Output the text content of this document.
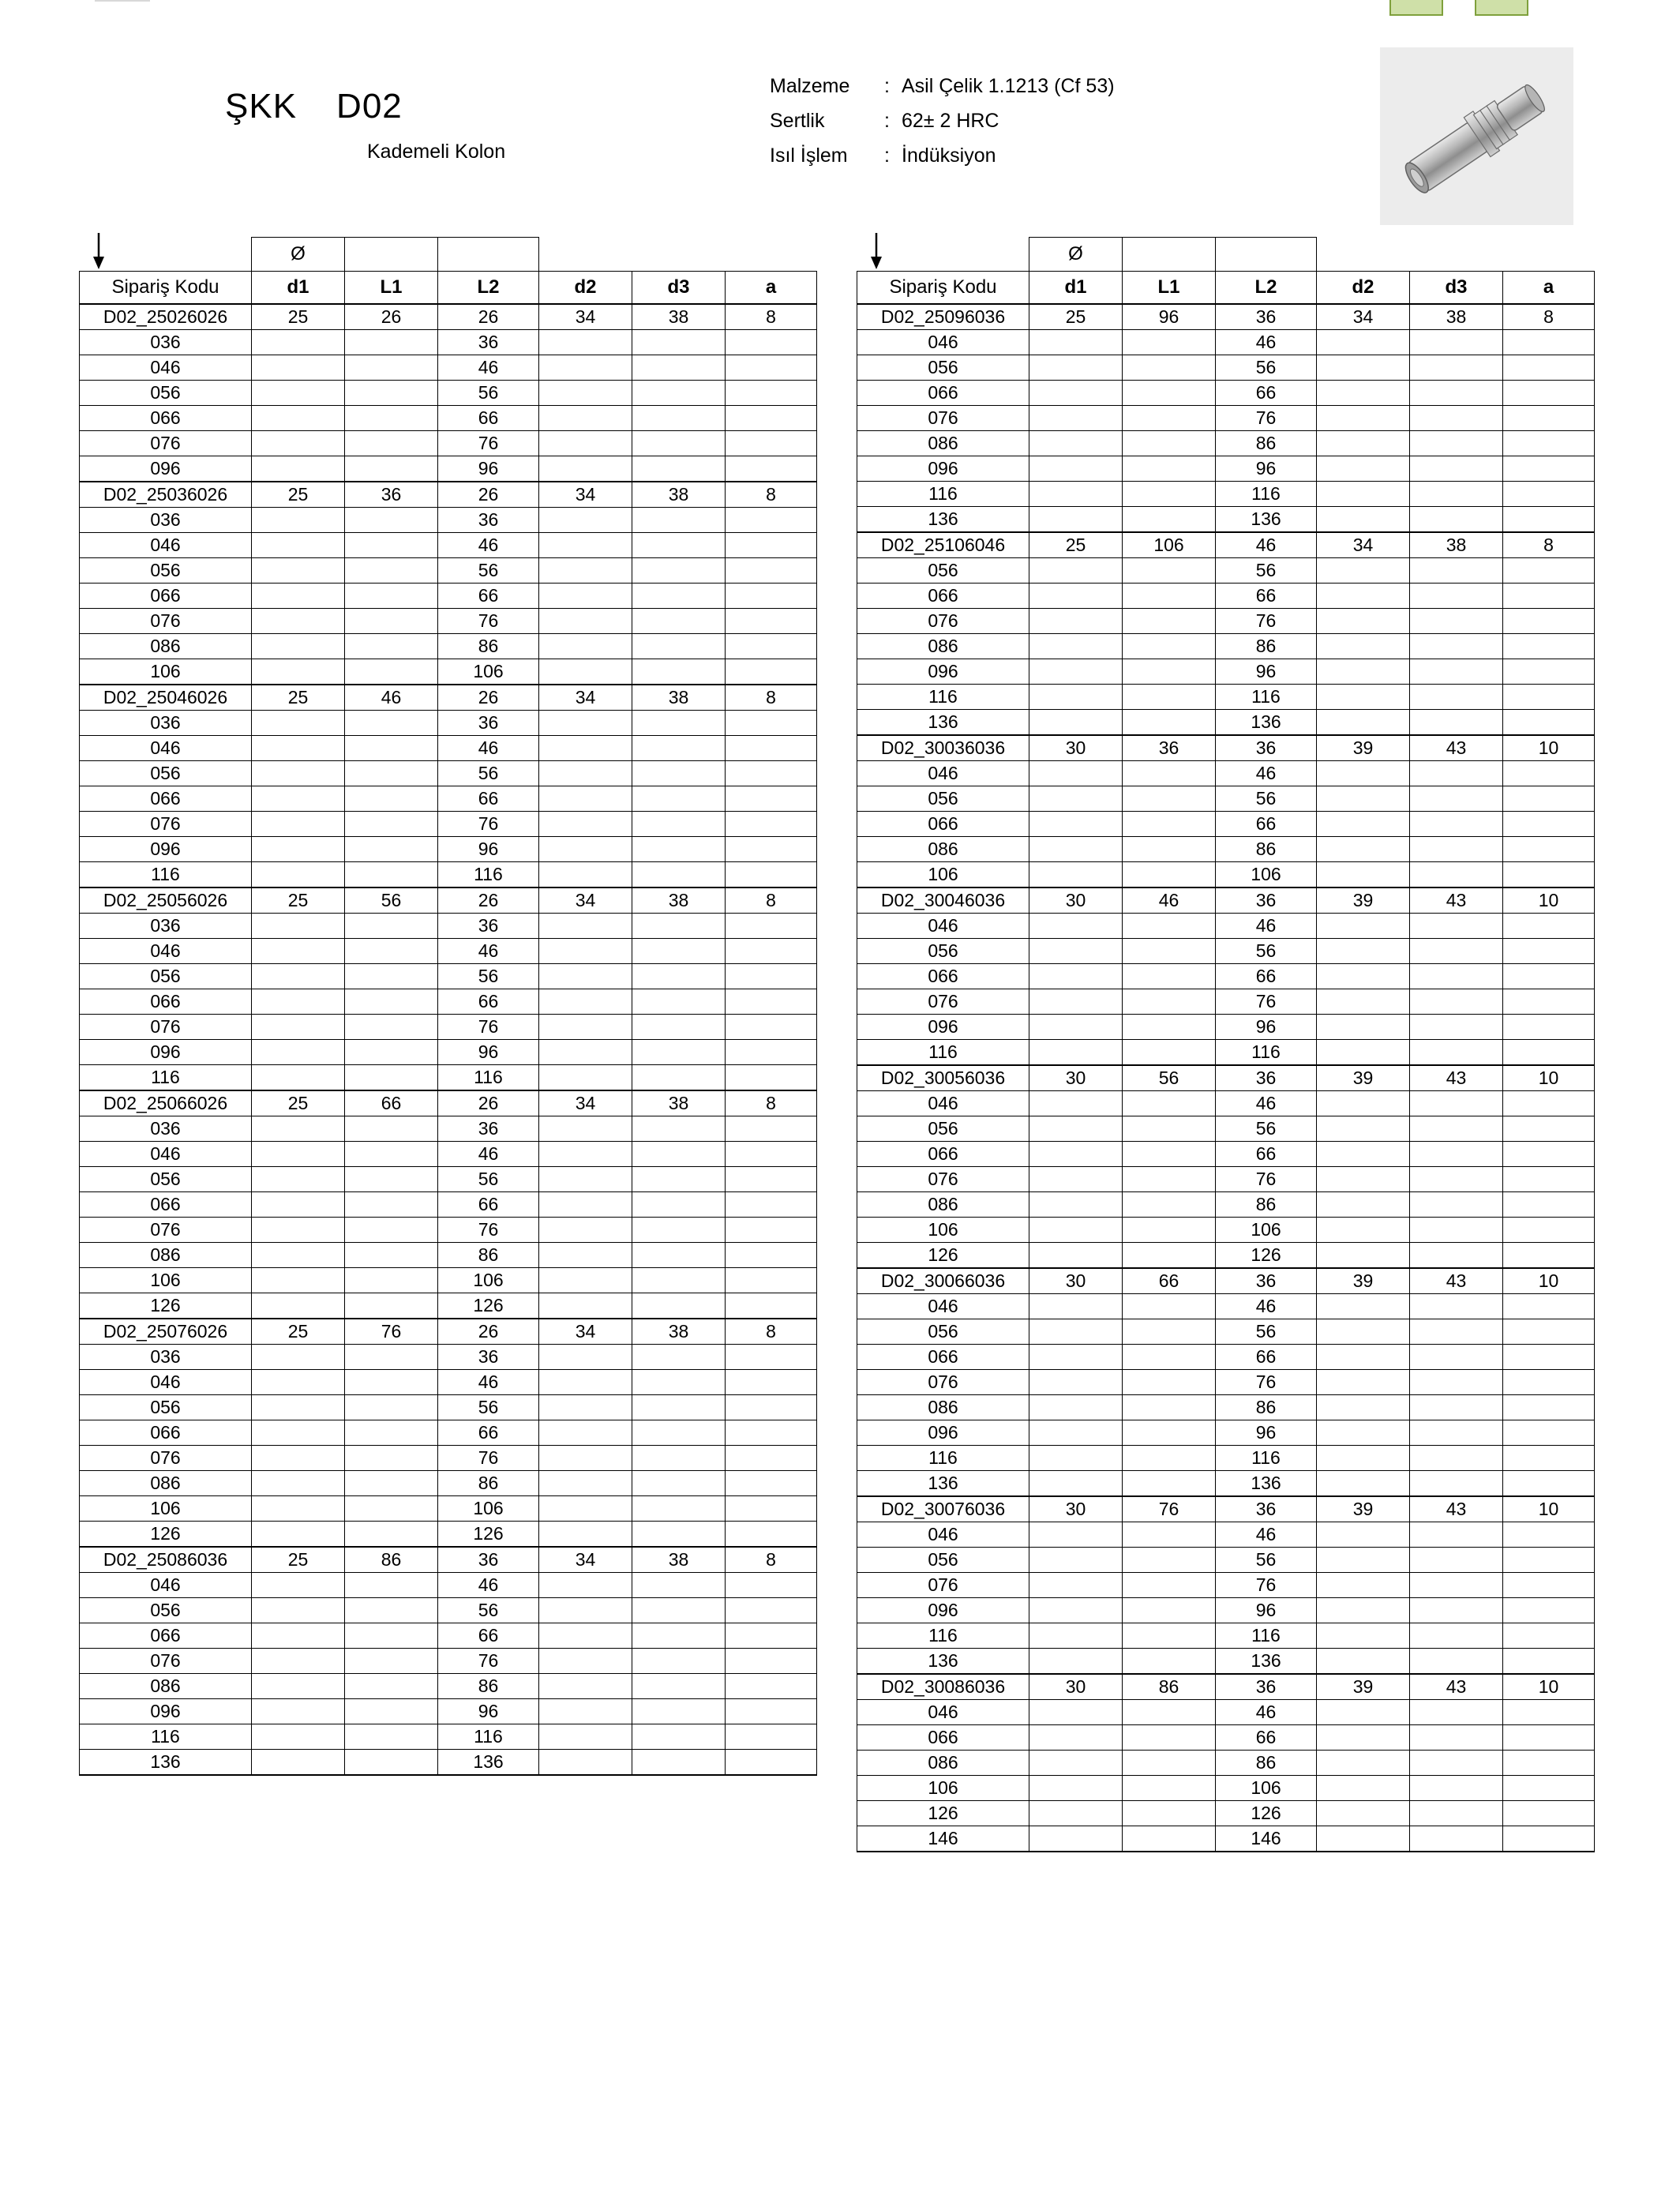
ŞKK D02
Kademeli Kolon
Malzeme	: Asil Çelik 1.1213 (Cf 53)
Sertlik	: 62± 2 HRC
Isıl İşlem	: İndüksiyon
	Ø					
Sipariş Kodu	d1	L1	L2	d2	d3	a
D02_25026026	25	26	26	34	38	8
036			36			
046			46			
056			56			
066			66			
076			76			
096			96			
D02_25036026	25	36	26	34	38	8
036			36			
046			46			
056			56			
066			66			
076			76			
086			86			
106			106			
D02_25046026	25	46	26	34	38	8
036			36			
046			46			
056			56			
066			66			
076			76			
096			96			
116			116			
D02_25056026	25	56	26	34	38	8
036			36			
046			46			
056			56			
066			66			
076			76			
096			96			
116			116			
D02_25066026	25	66	26	34	38	8
036			36			
046			46			
056			56			
066			66			
076			76			
086			86			
106			106			
126			126			
D02_25076026	25	76	26	34	38	8
036			36			
046			46			
056			56			
066			66			
076			76			
086			86			
106			106			
126			126			
D02_25086036	25	86	36	34	38	8
046			46			
056			56			
066			66			
076			76			
086			86			
096			96			
116			116			
136			136			
	Ø					
Sipariş Kodu	d1	L1	L2	d2	d3	a
D02_25096036	25	96	36	34	38	8
046			46			
056			56			
066			66			
076			76			
086			86			
096			96			
116			116			
136			136			
D02_25106046	25	106	46	34	38	8
056			56			
066			66			
076			76			
086			86			
096			96			
116			116			
136			136			
D02_30036036	30	36	36	39	43	10
046			46			
056			56			
066			66			
086			86			
106			106			
D02_30046036	30	46	36	39	43	10
046			46			
056			56			
066			66			
076			76			
096			96			
116			116			
D02_30056036	30	56	36	39	43	10
046			46			
056			56			
066			66			
076			76			
086			86			
106			106			
126			126			
D02_30066036	30	66	36	39	43	10
046			46			
056			56			
066			66			
076			76			
086			86			
096			96			
116			116			
136			136			
D02_30076036	30	76	36	39	43	10
046			46			
056			56			
076			76			
096			96			
116			116			
136			136			
D02_30086036	30	86	36	39	43	10
046			46			
066			66			
086			86			
106			106			
126			126			
146			146			
